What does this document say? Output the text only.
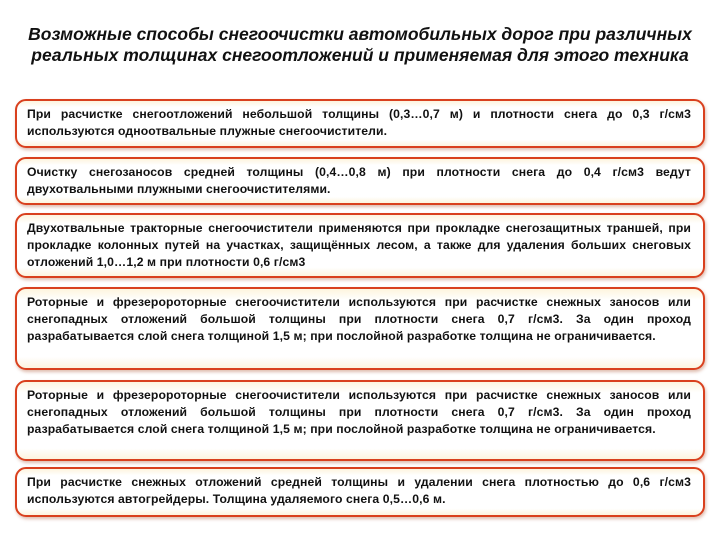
Возможные способы снегоочистки автомобильных дорог при различных реальных толщинах снегоотложений и применяемая для этого техника

При расчистке снегоотложений небольшой толщины (0,3…0,7 м) и плотности снега до 0,3 г/см3 используются одноотвальные плужные снегоочистители.

Очистку снегозаносов средней толщины (0,4…0,8 м) при плотности снега до 0,4 г/см3 ведут двухотвальными плужными снегоочистителями.

Двухотвальные тракторные снегоочистители применяются при прокладке снегозащитных траншей, при прокладке колонных путей на участках, защищённых лесом, а также для удаления больших снеговых отложений 1,0…1,2 м при плотности 0,6 г/см3

Роторные и фрезеророторные снегоочистители используются при расчистке снежных заносов или снегопадных отложений большой толщины при плотности снега 0,7 г/см3. За один проход разрабатывается слой снега толщиной 1,5 м; при послойной разработке толщина не ограничивается.

Роторные и фрезеророторные снегоочистители используются при расчистке снежных заносов или снегопадных отложений большой толщины при плотности снега 0,7 г/см3. За один проход разрабатывается слой снега толщиной 1,5 м; при послойной разработке толщина не ограничивается.

При расчистке снежных отложений средней толщины и удалении снега плотностью до 0,6 г/см3 используются автогрейдеры. Толщина удаляемого снега 0,5…0,6 м.
